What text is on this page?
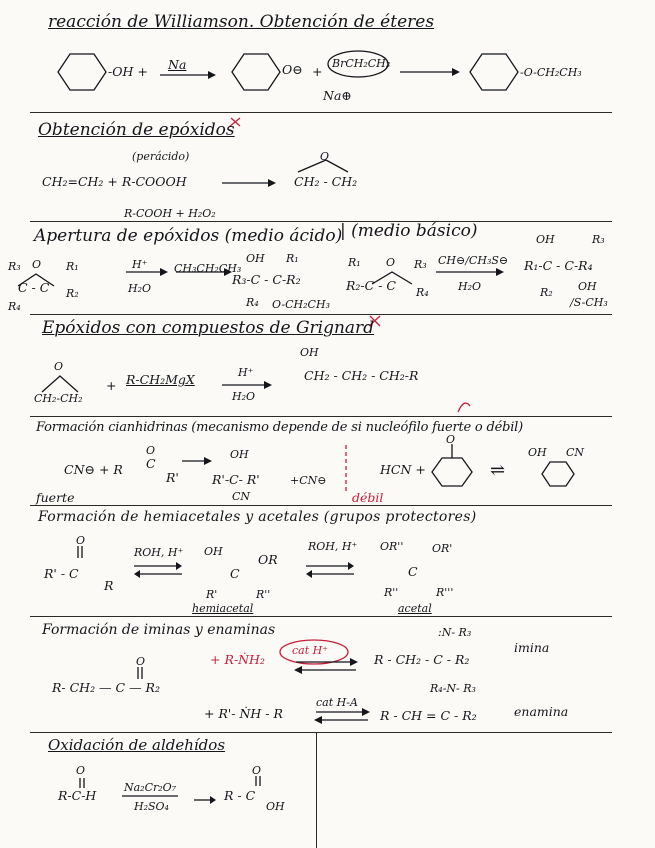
reacción de Williamson. Obtención de éteres
-OH + Na	O⊖ +
BrCH₂CH₃
Na⊕
-O-CH₂CH₃
Obtención de epóxidos
(perácido)
CH₂=CH₂ + R-COOOH
R-COOH + H₂O₂
O
CH₂ - CH₂
Apertura de epóxidos (medio ácido)
| (medio básico)
R₃ O R₁
C - C R₂
R₄
H⁺
H₂O
CH₃CH₂CH₃
OH R₁
R₃-C - C-R₂
R₄ O-CH₂CH₃
R₁ O R₃
R₂-C - C R₄
CH⊖/CH₃S⊖
H₂O
OH	R₃
R₁-C - C-R₄
R₂ OH
/S-CH₃
Epóxidos con compuestos de Grignard
O
CH₂-CH₂
+ R-CH₂MgX	H⁺
H₂O
OH
CH₂ - CH₂ - CH₂-R
Formación cianhidrinas (mecanismo depende de si nucleófilo fuerte o débil)
CN⊖ + R
O
C
R'
OH
R'-C- R'
CN
+CN⊖
fuerte	débil
HCN +
O
⇌
OH CN
Formación de hemiacetales y acetales (grupos protectores)
O
R' - C
R
ROH, H⁺ OH
OR
C
R'	R''
hemiacetal
ROH, H⁺ OR''	OR'
C
R''	R'''
acetal
Formación de iminas y enaminas
O
R- CH₂ — C — R₂
+ R-ṄH₂
cat H⁺
:N- R₃
R - CH₂ - C - R₂
imina
+ R'- ṄH - R
cat H-A
R₄-N- R₃
R - CH = C - R₂	enamina
Oxidación de aldehídos
O
R-C-H
Na₂Cr₂O₇
H₂SO₄
O
R - C
OH
